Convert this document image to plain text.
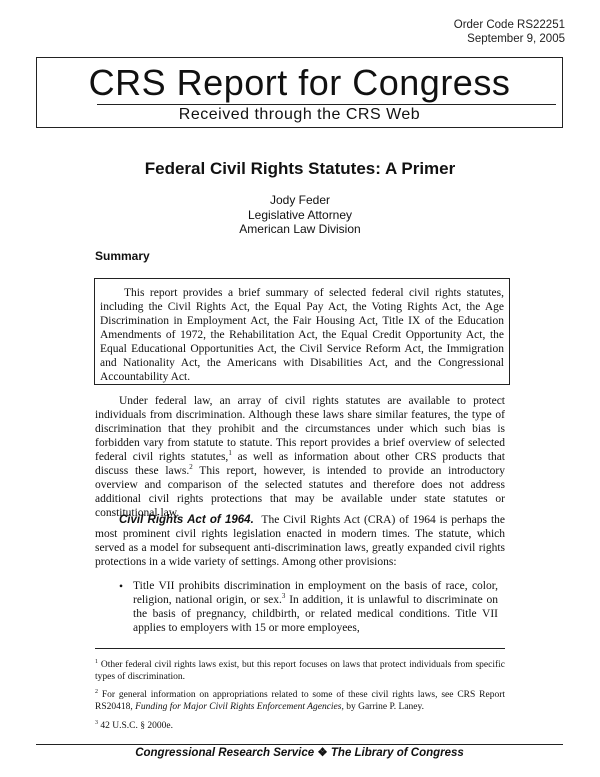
Order Code RS22251
September 9, 2005
CRS Report for Congress
Received through the CRS Web
Federal Civil Rights Statutes: A Primer
Jody Feder
Legislative Attorney
American Law Division
Summary

This report provides a brief summary of selected federal civil rights statutes, including the Civil Rights Act, the Equal Pay Act, the Voting Rights Act, the Age Discrimination in Employment Act, the Fair Housing Act, Title IX of the Education Amendments of 1972, the Rehabilitation Act, the Equal Credit Opportunity Act, the Equal Educational Opportunities Act, the Civil Service Reform Act, the Immigration and Nationality Act, the Americans with Disabilities Act, and the Congressional Accountability Act.

Under federal law, an array of civil rights statutes are available to protect individuals from discrimination. Although these laws share similar features, the type of discrimination that they prohibit and the circumstances under which such bias is forbidden vary from statute to statute. This report provides a brief overview of selected federal civil rights statutes,$^1$ as well as information about other CRS products that discuss these laws.$^2$ This report, however, is intended to provide an introductory overview and comparison of the selected statutes and therefore does not address additional civil rights protections that may be available under state statutes or constitutional law.

Civil Rights Act of 1964. The Civil Rights Act (CRA) of 1964 is perhaps the most prominent civil rights legislation enacted in modern times. The statute, which served as a model for subsequent anti-discrimination laws, greatly expanded civil rights protections in a wide variety of settings. Among other provisions:

• Title VII prohibits discrimination in employment on the basis of race, color, religion, national origin, or sex.$^3$ In addition, it is unlawful to discriminate on the basis of pregnancy, childbirth, or related medical conditions. Title VII applies to employers with 15 or more employees,
$^1$ Other federal civil rights laws exist, but this report focuses on laws that protect individuals from specific types of discrimination.
$^2$ For general information on appropriations related to some of these civil rights laws, see CRS Report RS20418, Funding for Major Civil Rights Enforcement Agencies, by Garrine P. Laney.
$^3$ 42 U.S.C. § 2000e.
Congressional Research Service ❖ The Library of Congress
